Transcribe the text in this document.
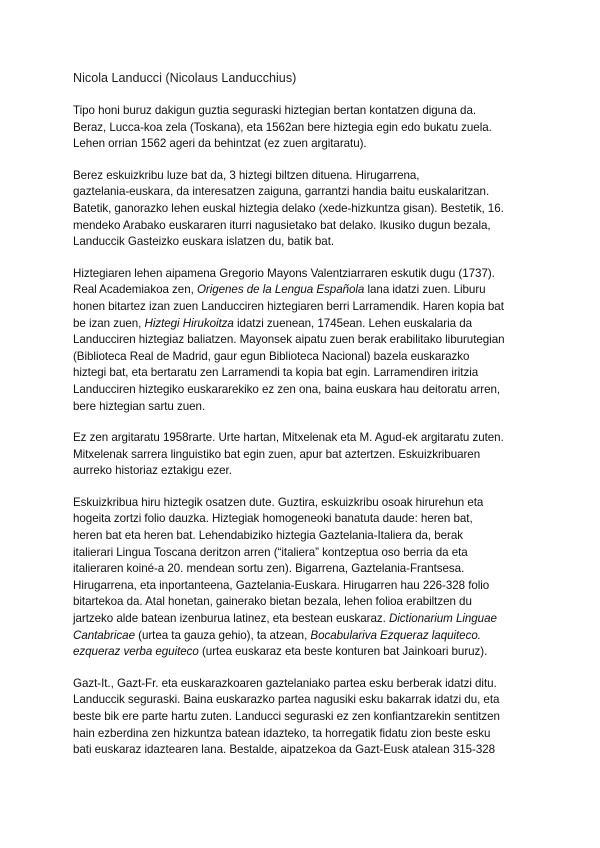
Nicola Landucci (Nicolaus Landucchius)
Tipo honi buruz dakigun guztia seguraski hiztegian bertan kontatzen diguna da.
Beraz, Lucca-koa zela (Toskana), eta 1562an bere hiztegia egin edo bukatu zuela.
Lehen orrian 1562 ageri da behintzat (ez zuen argitaratu).
Berez eskuizkribu luze bat da, 3 hiztegi biltzen dituena. Hirugarrena,
gaztelania-euskara, da interesatzen zaiguna, garrantzi handia baitu euskalaritzan.
Batetik, ganorazko lehen euskal hiztegia delako (xede-hizkuntza gisan). Bestetik, 16.
mendeko Arabako euskararen iturri nagusietako bat delako. Ikusiko dugun bezala,
Landuccik Gasteizko euskara islatzen du, batik bat.
Hiztegiaren lehen aipamena Gregorio Mayons Valentziarraren eskutik dugu (1737).
Real Academiakoa zen, Origenes de la Lengua Española lana idatzi zuen. Liburu
honen bitartez izan zuen Landucciren hiztegiaren berri Larramendik. Haren kopia bat
be izan zuen, Hiztegi Hirukoitza idatzi zuenean, 1745ean. Lehen euskalaria da
Landucciren hiztegiaz baliatzen. Mayonsek aipatu zuen berak erabilitako liburutegian
(Biblioteca Real de Madrid, gaur egun Biblioteca Nacional) bazela euskarazko
hiztegi bat, eta bertaratu zen Larramendi ta kopia bat egin. Larramendiren iritzia
Landucciren hiztegiko euskararekiko ez zen ona, baina euskara hau deitoratu arren,
bere hiztegian sartu zuen.
Ez zen argitaratu 1958rarte. Urte hartan, Mitxelenak eta M. Agud-ek argitaratu zuten.
Mitxelenak sarrera linguistiko bat egin zuen, apur bat aztertzen. Eskuizkribuaren
aurreko historiaz eztakigu ezer.
Eskuizkribua hiru hiztegik osatzen dute. Guztira, eskuizkribu osoak hirurehun eta
hogeita zortzi folio dauzka. Hiztegiak homogeneoki banatuta daude: heren bat,
heren bat eta heren bat. Lehendabiziko hiztegia Gaztelania-Italiera da, berak
italierari Lingua Toscana deritzon arren (“italiera” kontzeptua oso berria da eta
italieraren koiné-a 20. mendean sortu zen). Bigarrena, Gaztelania-Frantsesa.
Hirugarrena, eta inportanteena, Gaztelania-Euskara. Hirugarren hau 226-328 folio
bitartekoa da. Atal honetan, gainerako bietan bezala, lehen folioa erabiltzen du
jartzeko alde batean izenburua latinez, eta bestean euskaraz. Dictionarium Linguae
Cantabricae (urtea ta gauza gehio), ta atzean, Bocabulariva Ezqueraz laquiteco.
ezqueraz verba eguiteco (urtea euskaraz eta beste konturen bat Jainkoari buruz).
Gazt-It., Gazt-Fr. eta euskarazkoaren gaztelaniako partea esku berberak idatzi ditu.
Landuccik seguraski. Baina euskarazko partea nagusiki esku bakarrak idatzi du, eta
beste bik ere parte hartu zuten. Landucci seguraski ez zen konfiantzarekin sentitzen
hain ezberdina zen hizkuntza batean idazteko, ta horregatik fidatu zion beste esku
bati euskaraz idaztearen lana. Bestalde, aipatzekoa da Gazt-Eusk atalean 315-328
